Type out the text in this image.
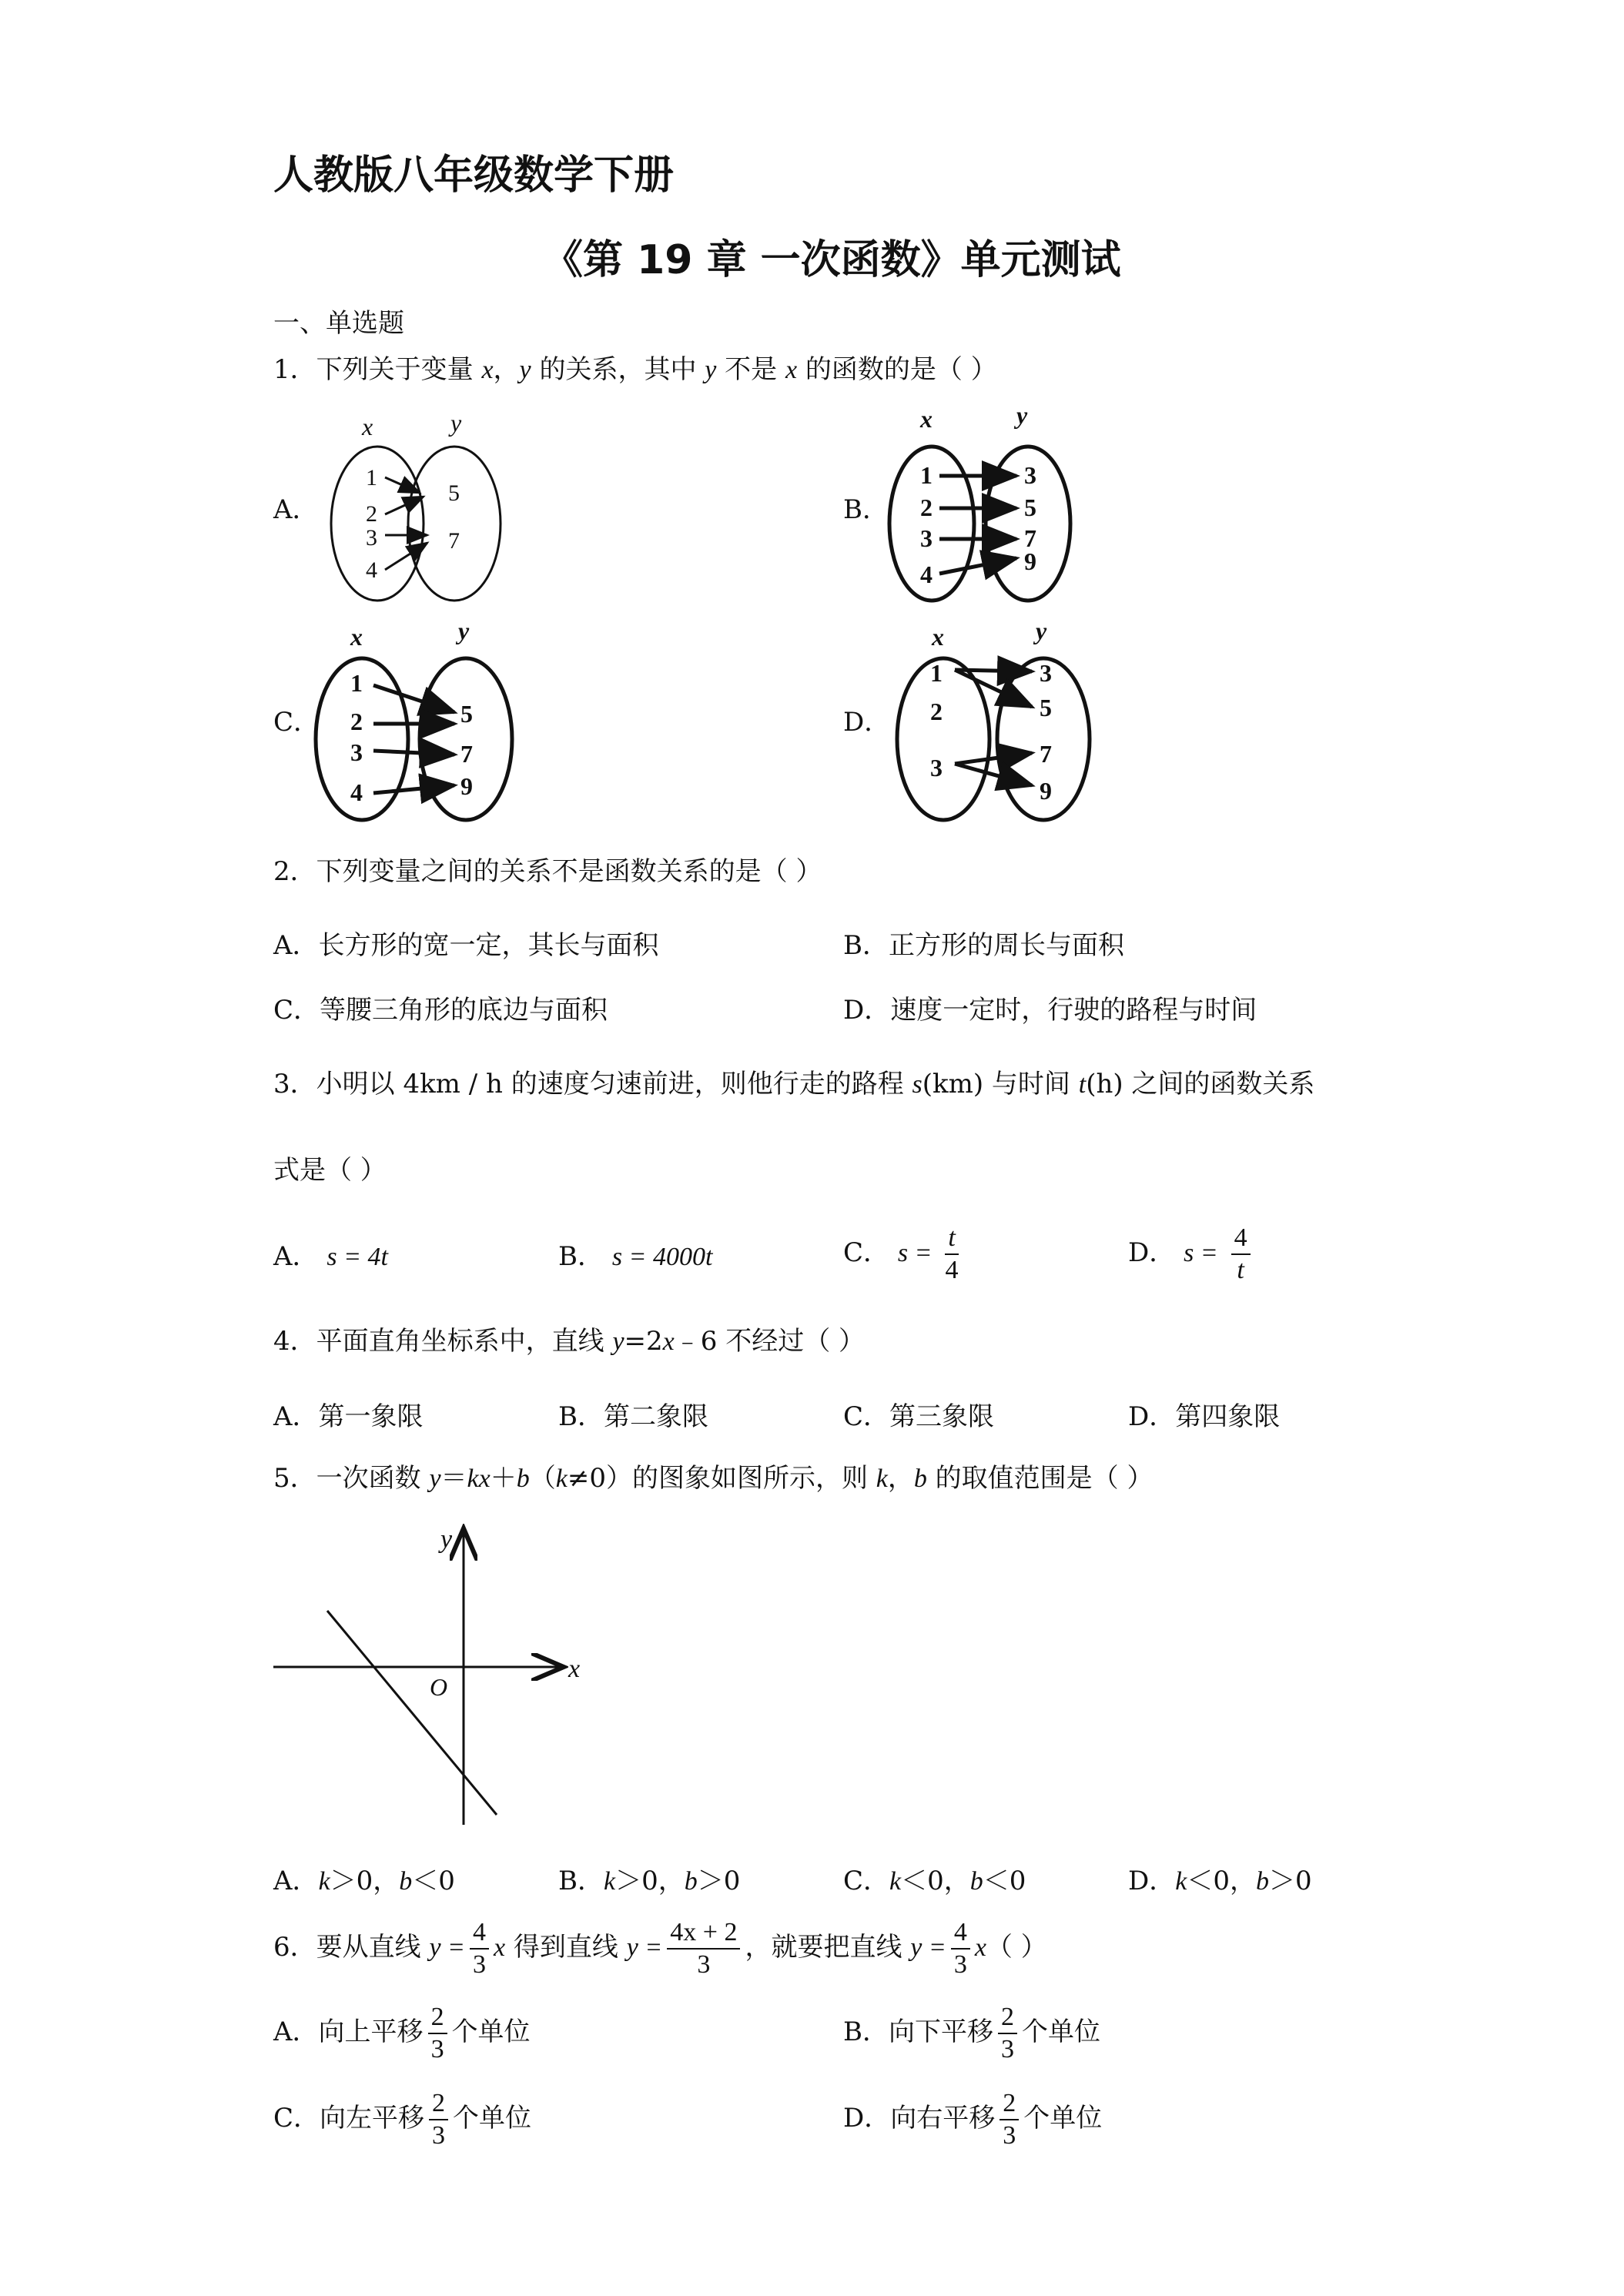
人教版八年级数学下册
《第 19 章 一次函数》单元测试
一、单选题
1．下列关于变量 x，y 的关系，其中 y 不是 x 的函数的是（ ）
A．	B．
C．	D．
x	y
1
2
3
4
5
7
x	y
1
2
3
4
3
5
7
9
x	y
1
2
3
4
5
7
9
x	y
1
2
3
3
5
7
9
2．下列变量之间的关系不是函数关系的是（ ）
A．长方形的宽一定，其长与面积	B．正方形的周长与面积
C．等腰三角形的底边与面积	D．速度一定时，行驶的路程与时间
3．小明以 4km / h 的速度匀速前进，则他行走的路程 s(km) 与时间 t(h) 之间的函数关系
式是（ ）
A． s = 4t	B． s = 4000t	C． $s = \frac{t}{4}$	D． $s = \frac{4}{t}$
4．平面直角坐标系中，直线 y=2x﹣6 不经过（ ）
A．第一象限	B．第二象限	C．第三象限	D．第四象限
5．一次函数 y＝kx＋b（k≠0）的图象如图所示，则 k，b 的取值范围是（ ）
x
y
O
A．k＞0，b＜0	B．k＞0，b＞0	C．k＜0，b＜0	D．k＜0，b＞0
6．要从直线 $y = \frac{4}{3}$ x 得到直线 $y = \frac{4x + 2}{3}$ ，就要把直线 $y = \frac{4}{3} x$（ ）
A．向上平移 $\frac{2}{3}$ 个单位	B．向下平移 $\frac{2}{3}$ 个单位
C．向左平移 $\frac{2}{3}$ 个单位	D．向右平移 $\frac{2}{3}$ 个单位
